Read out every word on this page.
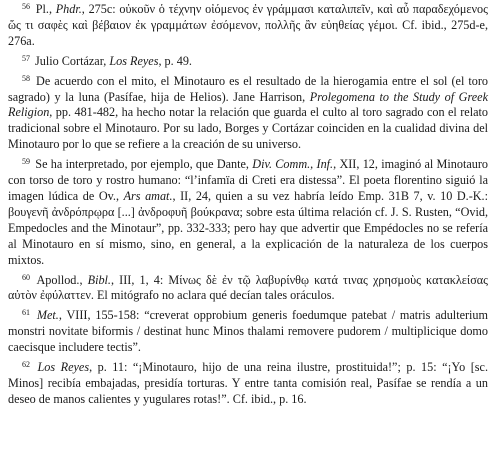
$^{56}$ Pl., Phdr., 275c: οὐκοῦν ὁ τέχνην οἰόμενος ἐν γράμμασι καταλιπεῖν, καὶ αὖ παραδεχόμενος ὥς τι σαφὲς καὶ βέβαιον ἐκ γραμμάτων ἐσόμενον, πολλῆς ἂν εὐηθείας γέμοι. Cf. ibid., 275d-e, 276a.

$^{57}$ Julio Cortázar, Los Reyes, p. 49.

$^{58}$ De acuerdo con el mito, el Minotauro es el resultado de la hierogamia entre el sol (el toro sagrado) y la luna (Pasífae, hija de Helios). Jane Harrison, Prolegomena to the Study of Greek Religion, pp. 481-482, ha hecho notar la relación que guarda el culto al toro sagrado con el relato tradicional sobre el Minotauro. Por su lado, Borges y Cortázar coinciden en la cualidad divina del Minotauro por lo que se refiere a la creación de su universo.

$^{59}$ Se ha interpretado, por ejemplo, que Dante, Div. Comm., Inf., XII, 12, imaginó al Minotauro con torso de toro y rostro humano: “l’infamïa di Creti era distessa”. El poeta florentino siguió la imagen lúdica de Ov., Ars amat., II, 24, quien a su vez habría leído Emp. 31B 7, v. 10 D.-K.: βουγενῆ ἀνδρόπρῳρα [...] ἀνδροφυῆ βούκρανα; sobre esta última relación cf. J. S. Rusten, “Ovid, Empedocles and the Minotaur”, pp. 332-333; pero hay que advertir que Empédocles no se refería al Minotauro en sí mismo, sino, en general, a la explicación de la naturaleza de los cuerpos mixtos.

$^{60}$ Apollod., Bibl., III, 1, 4: Μίνως δὲ ἐν τῷ λαβυρίνθῳ κατά τινας χρησμοὺς κατακλείσας αὐτὸν ἐφύλαττεν. El mitógrafo no aclara qué decían tales oráculos.

$^{61}$ Met., VIII, 155-158: “creverat opprobium generis foedumque patebat / matris adulterium monstri novitate biformis / destinat hunc Minos thalami removere pudorem / multiplicique domo caecisque includere tectis”.

$^{62}$ Los Reyes, p. 11: “¡Minotauro, hijo de una reina ilustre, prostituida!”; p. 15: “¡Yo [sc. Minos] recibía embajadas, presidía torturas. Y entre tanta comisión real, Pasífae se rendía a un deseo de manos calientes y yugulares rotas!”. Cf. ibid., p. 16.
